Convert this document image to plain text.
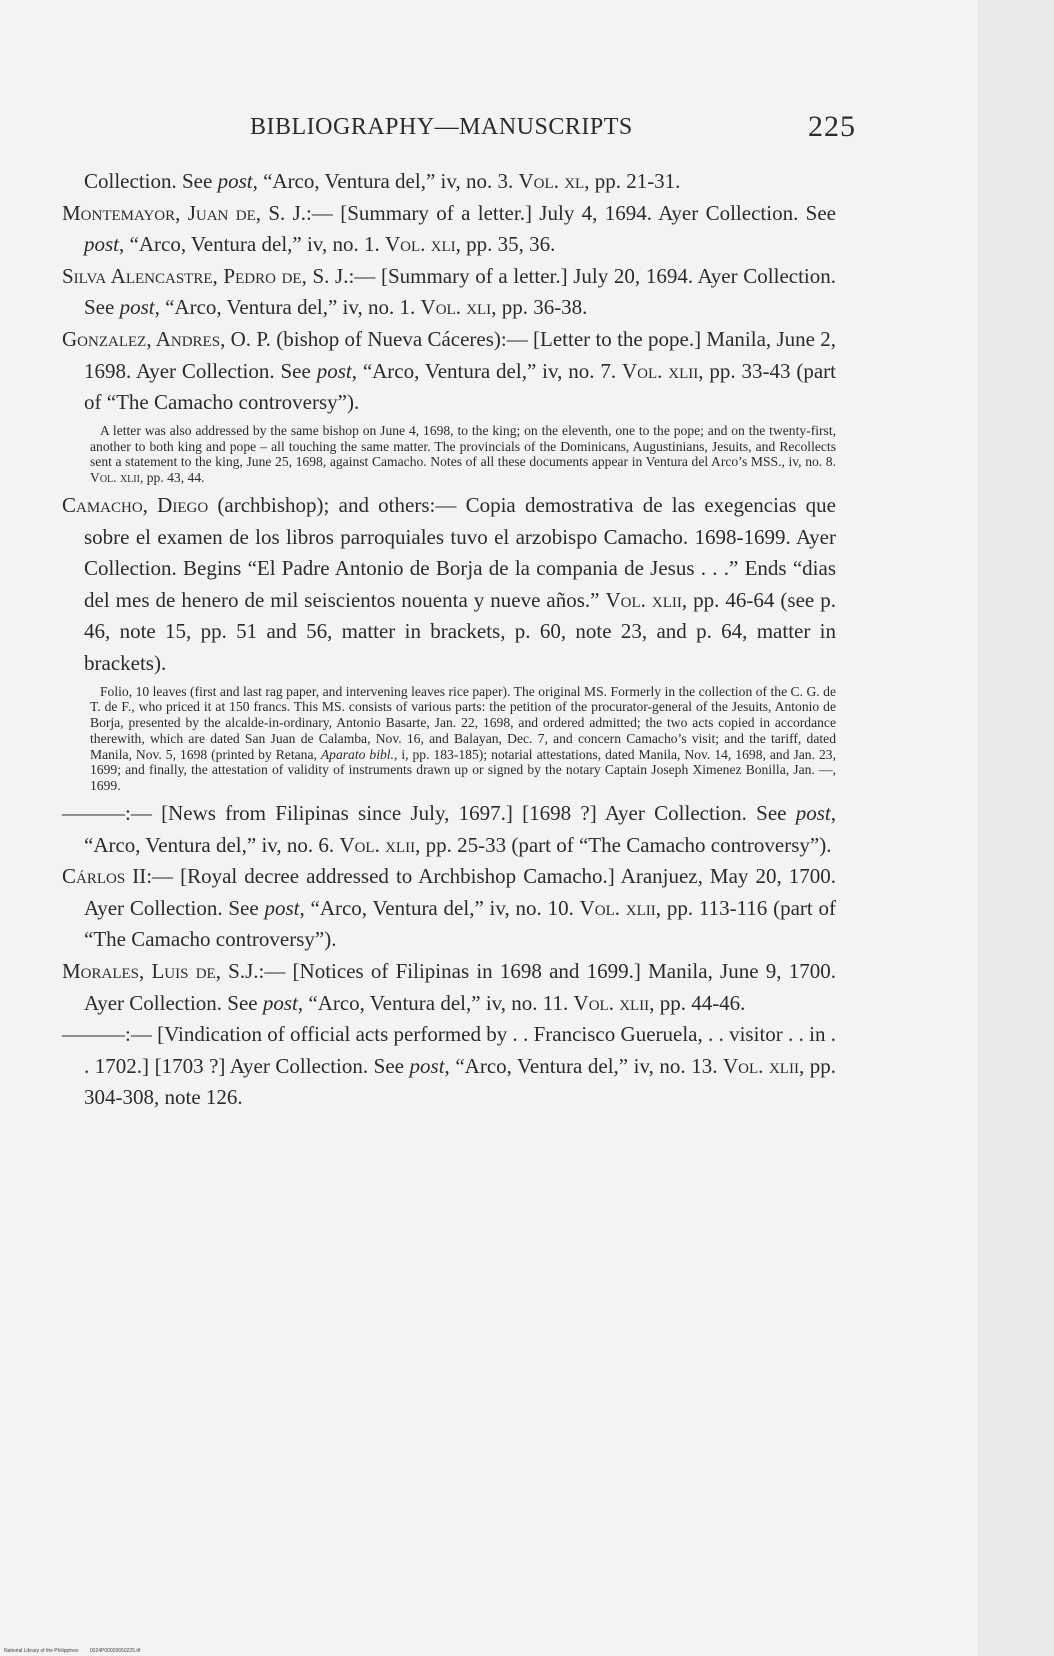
BIBLIOGRAPHY—MANUSCRIPTS	225

Collection. See post, “Arco, Ventura del,” iv, no. 3. Vol. xl, pp. 21-31.

Montemayor, Juan de, S. J.:— [Summary of a letter.] July 4, 1694. Ayer Collection. See post, “Arco, Ventura del,” iv, no. 1. Vol. xli, pp. 35, 36.

Silva Alencastre, Pedro de, S. J.:— [Summary of a letter.] July 20, 1694. Ayer Collection. See post, “Arco, Ventura del,” iv, no. 1. Vol. xli, pp. 36-38.

Gonzalez, Andres, O. P. (bishop of Nueva Cáceres):— [Letter to the pope.] Manila, June 2, 1698. Ayer Collection. See post, “Arco, Ventura del,” iv, no. 7. Vol. xlii, pp. 33-43 (part of “The Camacho controversy”).

A letter was also addressed by the same bishop on June 4, 1698, to the king; on the eleventh, one to the pope; and on the twenty-first, another to both king and pope – all touching the same matter. The provincials of the Dominicans, Augustinians, Jesuits, and Recollects sent a statement to the king, June 25, 1698, against Camacho. Notes of all these documents appear in Ventura del Arco’s MSS., iv, no. 8. Vol. xlii, pp. 43, 44.

Camacho, Diego (archbishop); and others:— Copia demostrativa de las exegencias que sobre el examen de los libros parroquiales tuvo el arzobispo Camacho. 1698-1699. Ayer Collection. Begins “El Padre Antonio de Borja de la compania de Jesus . . .” Ends “dias del mes de henero de mil seiscientos nouenta y nueve años.” Vol. xlii, pp. 46-64 (see p. 46, note 15, pp. 51 and 56, matter in brackets, p. 60, note 23, and p. 64, matter in brackets).

Folio, 10 leaves (first and last rag paper, and intervening leaves rice paper). The original MS. Formerly in the collection of the C. G. de T. de F., who priced it at 150 francs. This MS. consists of various parts: the petition of the procurator-general of the Jesuits, Antonio de Borja, presented by the alcalde-in-ordinary, Antonio Basarte, Jan. 22, 1698, and ordered admitted; the two acts copied in accordance therewith, which are dated San Juan de Calamba, Nov. 16, and Balayan, Dec. 7, and concern Camacho’s visit; and the tariff, dated Manila, Nov. 5, 1698 (printed by Retana, Aparato bibl., i, pp. 183-185); notarial attestations, dated Manila, Nov. 14, 1698, and Jan. 23, 1699; and finally, the attestation of validity of instruments drawn up or signed by the notary Captain Joseph Ximenez Bonilla, Jan. —, 1699.

———:— [News from Filipinas since July, 1697.] [1698 ?] Ayer Collection. See post, “Arco, Ventura del,” iv, no. 6. Vol. xlii, pp. 25-33 (part of “The Camacho controversy”).

Cárlos II:— [Royal decree addressed to Archbishop Camacho.] Aranjuez, May 20, 1700. Ayer Collection. See post, “Arco, Ventura del,” iv, no. 10. Vol. xlii, pp. 113-116 (part of “The Camacho controversy”).

Morales, Luis de, S.J.:— [Notices of Filipinas in 1698 and 1699.] Manila, June 9, 1700. Ayer Collection. See post, “Arco, Ventura del,” iv, no. 11. Vol. xlii, pp. 44-46.

———:— [Vindication of official acts performed by . . Francisco Gueruela, . . visitor . . in . . 1702.] [1703 ?] Ayer Collection. See post, “Arco, Ventura del,” iv, no. 13. Vol. xlii, pp. 304-308, note 126.

National Library of the Philippines 0024P00003650225.tif
